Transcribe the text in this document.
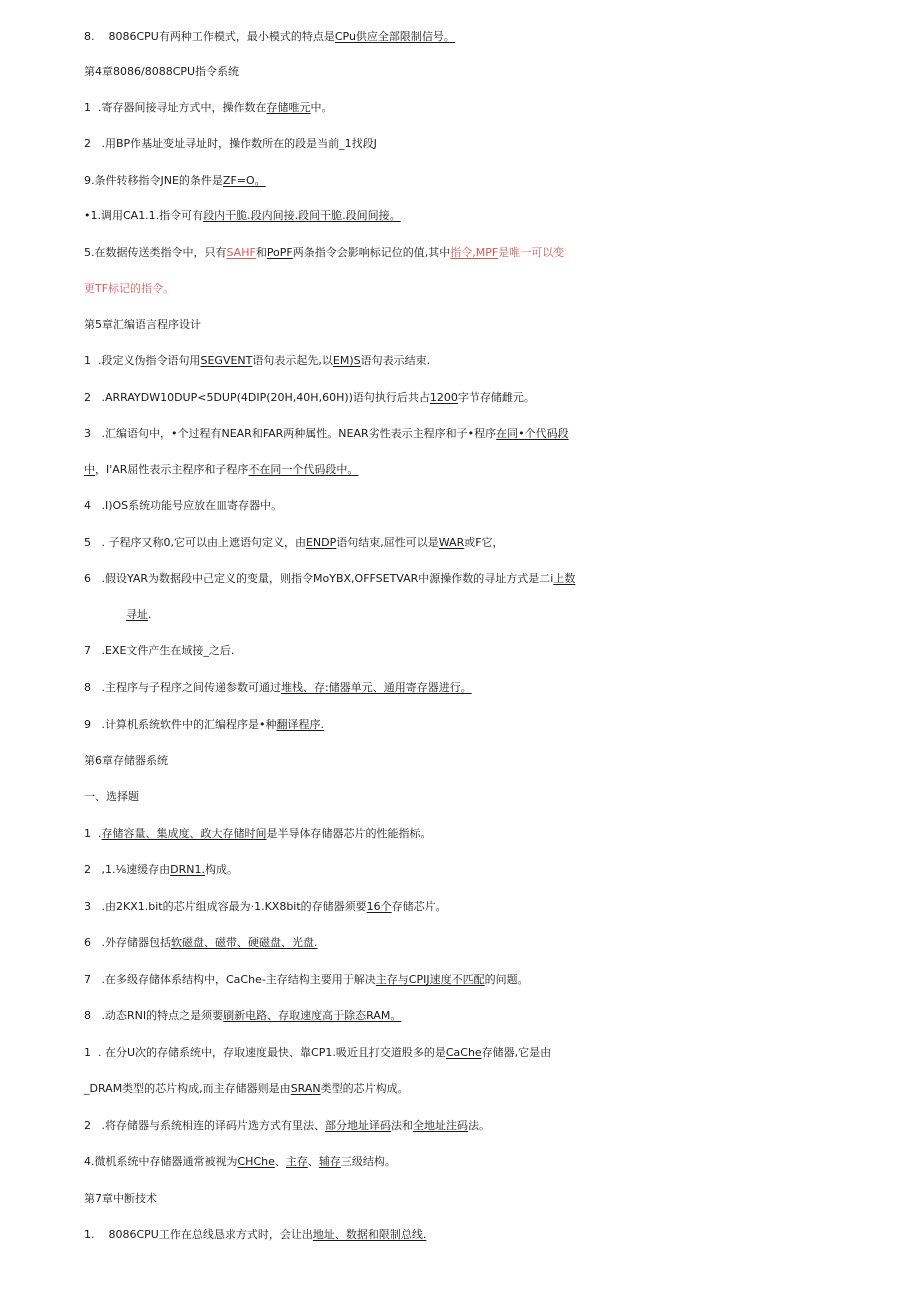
8.    8086CPU有两种工作模式，最小模式的特点是CPu供应全部限制信号。
第4章8086/8088CPU指令系统
1  .寄存器间接寻址方式中，操作数在存储唯元中。
2   .用BP作基址变址寻址时，操作数所在的段是当前_1找段J
9.条件转移指令JNE的条件是ZF=O。
•1.调用CA1.1.指令可有段内干脆.段内间接.段间干脆.段间间接。
5.在数据传送类指令中，只有SAHF和PoPF两条指令会影响标记位的值,其中指令,MPF是唯一可以变
更TF标记的指令。
第5章汇编语言程序设计
1  .段定义伪指令语句用SEGVENT语句表示起先,以EM)S语句表示结束.
2   .ARRAYDW10DUP<5DUP(4DIP(20H,40H,60H))语句执行后共占1200字节存储雌元。
3   .汇编语句中，•个过程有NEAR和FAR两种属性。NEAR劣性表示主程序和子•程序在同•个代码段
中，I'AR屈性表示主程序和子程序不在同一个代码段中。
4   .I)OS系统功能号应放在皿寄存器中。
5   . 子程序又称0,它可以由上遮语句定义，由ENDP语句结束,屈性可以是WAR或F它，
6   .假设YAR为数据段中己定义的变量，则指令MoYBX,OFFSETVAR中源操作数的寻址方式是二i上数
寻址.
7   .EXE文件产生在域接_之后.
8   .主程序与子程序之间传递参数可通过堆栈、存:储器单元、通用寄存器进行。
9   .计算机系统软件中的汇编程序是•种翻译程序.
第6章存储器系统
一、选择题
1  .存储容量、集成度、政大存储时间是半导体存储器芯片的性能指标。
2   ,1.⅛速缓存由DRN1.构成。
3   .由2KX1.bit的芯片组成容最为·1.KX8bit的存储器须要16个存储芯片。
6   .外存储器包括软磁盘、磁带、硬磁盘、光盘.
7   .在多级存储体系结构中，CaChe-主存结构主要用于解决主存与CPIJ速度不匹配的问题。
8   .动态RNI的特点之是须要刷新电路、存取速度高于除态RAM。
1  . 在分U次的存储系统中，存取速度最快、靠CP1.吸近且打交道股多的是CaChe存储器,它是由
_DRAM类型的芯片构成,而主存储器则是由SRAN类型的芯片构成。
2   .将存储器与系统相连的译码片选方式有里法、部分地址译码法和全地址注码法。
4.微机系统中存储器通常被视为CHChe、主存、辅存三级结构。
第7章中断技术
1.    8086CPU工作在总线恳求方式时，会让出地址、数据和限制总线.
